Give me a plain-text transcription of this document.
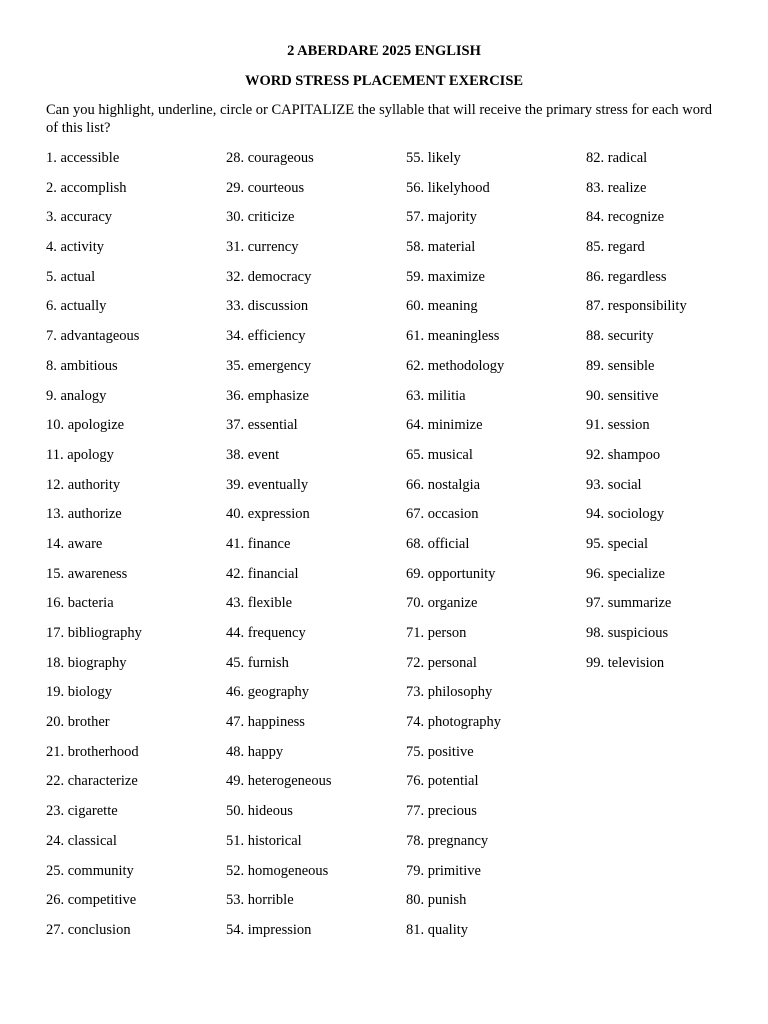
2 ABERDARE 2025 ENGLISH
WORD STRESS PLACEMENT EXERCISE
Can you highlight, underline, circle or CAPITALIZE the syllable that will receive the primary stress for each word of this list?
1 . accessible
2 . accomplish
3 . accuracy
4 . activity
5 . actual
6 . actually
7 . advantageous
8 . ambitious
9 . analogy
10 . apologize
11 . apology
12 . authority
13 . authorize
14 . aware
15 . awareness
16 . bacteria
17 . bibliography
18 . biography
19 . biology
20 . brother
21 . brotherhood
22 . characterize
23 . cigarette
24 . classical
25 . community
26 . competitive
27 . conclusion
28 . courageous
29 . courteous
30 . criticize
31 . currency
32 . democracy
33 . discussion
34 . efficiency
35 . emergency
36 . emphasize
37 . essential
38 . event
39 . eventually
40 . expression
41 . finance
42 . financial
43 . flexible
44 . frequency
45 . furnish
46 . geography
47 . happiness
48 . happy
49 . heterogeneous
50 . hideous
51 . historical
52 . homogeneous
53 . horrible
54 . impression
55 . likely
56 . likelyhood
57 . majority
58 . material
59 . maximize
60 . meaning
61 . meaningless
62 . methodology
63 . militia
64 . minimize
65 . musical
66 . nostalgia
67 . occasion
68 . official
69 . opportunity
70 . organize
71 . person
72 . personal
73 . philosophy
74 . photography
75 . positive
76 . potential
77 . precious
78 . pregnancy
79 . primitive
80 . punish
81 . quality
82 . radical
83 . realize
84 . recognize
85 . regard
86 . regardless
87 . responsibility
88 . security
89 . sensible
90 . sensitive
91 . session
92 . shampoo
93 . social
94 . sociology
95 . special
96 . specialize
97 . summarize
98 . suspicious
99 . television
